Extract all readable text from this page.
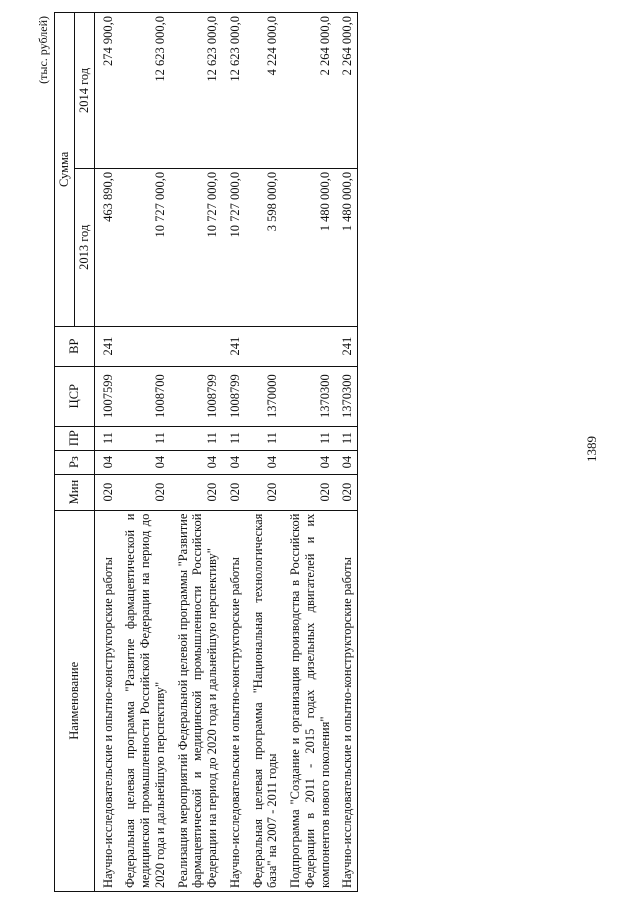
1389
(тыс. рублей)
Наименование	Мин	Рз	ПР	ЦСР	ВР	Сумма	
						2013 год	2014 год
Научно-исследовательские и опытно-конструкторские работы	020	04	11	1007599	241	463 890,0	274 900,0
Федеральная целевая программа "Развитие фармацевтической и медицинской промышленности Российской Федерации на период до 2020 года и дальнейшую перспективу"	020	04	11	1008700		10 727 000,0	12 623 000,0
Реализация мероприятий Федеральной целевой программы "Развитие фармацевтической и медицинской промышленности Российской Федерации на период до 2020 года и дальнейшую перспективу"	020	04	11	1008799		10 727 000,0	12 623 000,0
Научно-исследовательские и опытно-конструкторские работы	020	04	11	1008799	241	10 727 000,0	12 623 000,0
Федеральная целевая программа "Национальная технологическая база" на 2007 - 2011 годы	020	04	11	1370000		3 598 000,0	4 224 000,0
Подпрограмма "Создание и организация производства в Российской Федерации в 2011 - 2015 годах дизельных двигателей и их компонентов нового поколения"	020	04	11	1370300		1 480 000,0	2 264 000,0
Научно-исследовательские и опытно-конструкторские работы	020	04	11	1370300	241	1 480 000,0	2 264 000,0
